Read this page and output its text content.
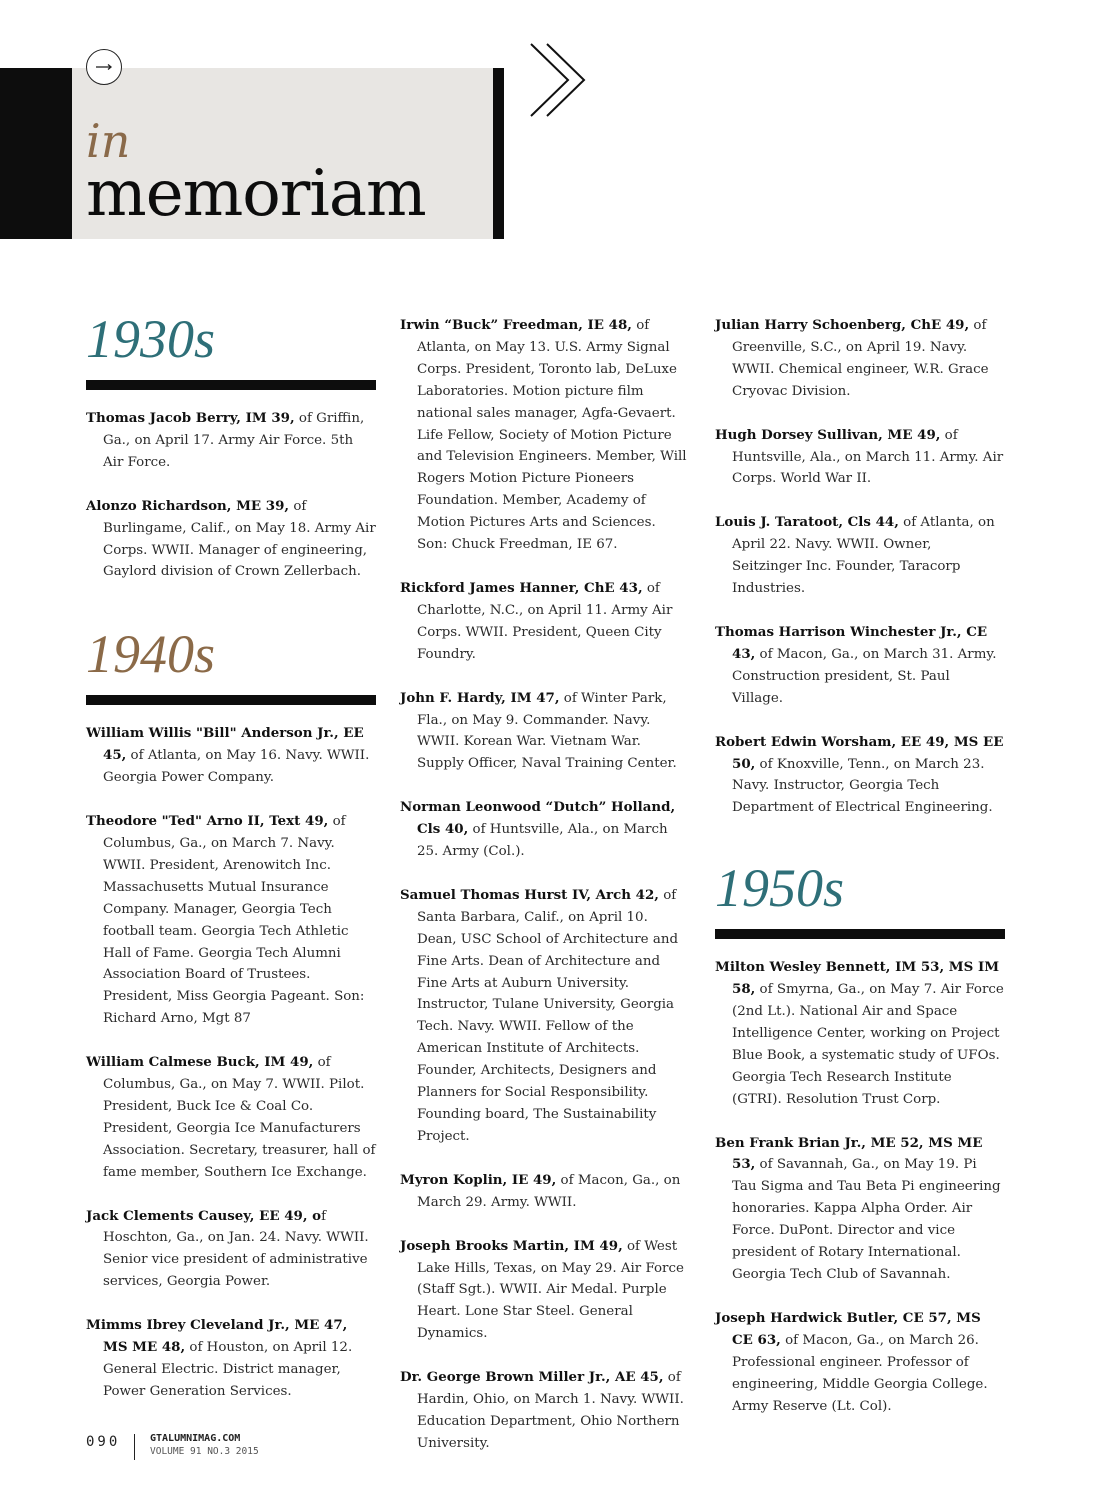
in
memoriam
1930s

Thomas Jacob Berry, IM 39, of Griffin, Ga., on April 17. Army Air Force. 5th Air Force.

Alonzo Richardson, ME 39, of Burlingame, Calif., on May 18. Army Air Corps. WWII. Manager of engineering, Gaylord division of Crown Zellerbach.

1940s

William Willis "Bill" Anderson Jr., EE 45, of Atlanta, on May 16. Navy. WWII. Georgia Power Company.

Theodore "Ted" Arno II, Text 49, of Columbus, Ga., on March 7. Navy. WWII. President, Arenowitch Inc. Massachusetts Mutual Insurance Company. Manager, Georgia Tech football team. Georgia Tech Athletic Hall of Fame. Georgia Tech Alumni Association Board of Trustees. President, Miss Georgia Pageant. Son: Richard Arno, Mgt 87

William Calmese Buck, IM 49, of Columbus, Ga., on May 7. WWII. Pilot. President, Buck Ice & Coal Co. President, Georgia Ice Manufacturers Association. Secretary, treasurer, hall of fame member, Southern Ice Exchange.

Jack Clements Causey, EE 49, of Hoschton, Ga., on Jan. 24. Navy. WWII. Senior vice president of administrative services, Georgia Power.

Mimms Ibrey Cleveland Jr., ME 47, MS ME 48, of Houston, on April 12. General Electric. District manager, Power Generation Services.

Irwin “Buck” Freedman, IE 48, of Atlanta, on May 13. U.S. Army Signal Corps. President, Toronto lab, DeLuxe Laboratories. Motion picture film national sales manager, Agfa-Gevaert. Life Fellow, Society of Motion Picture and Television Engineers. Member, Will Rogers Motion Picture Pioneers Foundation. Member, Academy of Motion Pictures Arts and Sciences. Son: Chuck Freedman, IE 67.

Rickford James Hanner, ChE 43, of Charlotte, N.C., on April 11. Army Air Corps. WWII. President, Queen City Foundry.

John F. Hardy, IM 47, of Winter Park, Fla., on May 9. Commander. Navy. WWII. Korean War. Vietnam War. Supply Officer, Naval Training Center.

Norman Leonwood “Dutch” Holland, Cls 40, of Huntsville, Ala., on March 25. Army (Col.).

Samuel Thomas Hurst IV, Arch 42, of Santa Barbara, Calif., on April 10. Dean, USC School of Architecture and Fine Arts. Dean of Architecture and Fine Arts at Auburn University. Instructor, Tulane University, Georgia Tech. Navy. WWII. Fellow of the American Institute of Architects. Founder, Architects, Designers and Planners for Social Responsibility. Founding board, The Sustainability Project.

Myron Koplin, IE 49, of Macon, Ga., on March 29. Army. WWII.

Joseph Brooks Martin, IM 49, of West Lake Hills, Texas, on May 29. Air Force (Staff Sgt.). WWII. Air Medal. Purple Heart. Lone Star Steel. General Dynamics.

Dr. George Brown Miller Jr., AE 45, of Hardin, Ohio, on March 1. Navy. WWII. Education Department, Ohio Northern University.

Julian Harry Schoenberg, ChE 49, of Greenville, S.C., on April 19. Navy. WWII. Chemical engineer, W.R. Grace Cryovac Division.

Hugh Dorsey Sullivan, ME 49, of Huntsville, Ala., on March 11. Army. Air Corps. World War II.

Louis J. Taratoot, Cls 44, of Atlanta, on April 22. Navy. WWII. Owner, Seitzinger Inc. Founder, Taracorp Industries.

Thomas Harrison Winchester Jr., CE 43, of Macon, Ga., on March 31. Army. Construction president, St. Paul Village.

Robert Edwin Worsham, EE 49, MS EE 50, of Knoxville, Tenn., on March 23. Navy. Instructor, Georgia Tech Department of Electrical Engineering.

1950s

Milton Wesley Bennett, IM 53, MS IM 58, of Smyrna, Ga., on May 7. Air Force (2nd Lt.). National Air and Space Intelligence Center, working on Project Blue Book, a systematic study of UFOs. Georgia Tech Research Institute (GTRI). Resolution Trust Corp.

Ben Frank Brian Jr., ME 52, MS ME 53, of Savannah, Ga., on May 19. Pi Tau Sigma and Tau Beta Pi engineering honoraries. Kappa Alpha Order. Air Force. DuPont. Director and vice president of Rotary International. Georgia Tech Club of Savannah.

Joseph Hardwick Butler, CE 57, MS CE 63, of Macon, Ga., on March 26. Professional engineer. Professor of engineering, Middle Georgia College. Army Reserve (Lt. Col).

090	GTALUMNIMAG.COM
VOLUME 91 NO.3 2015
